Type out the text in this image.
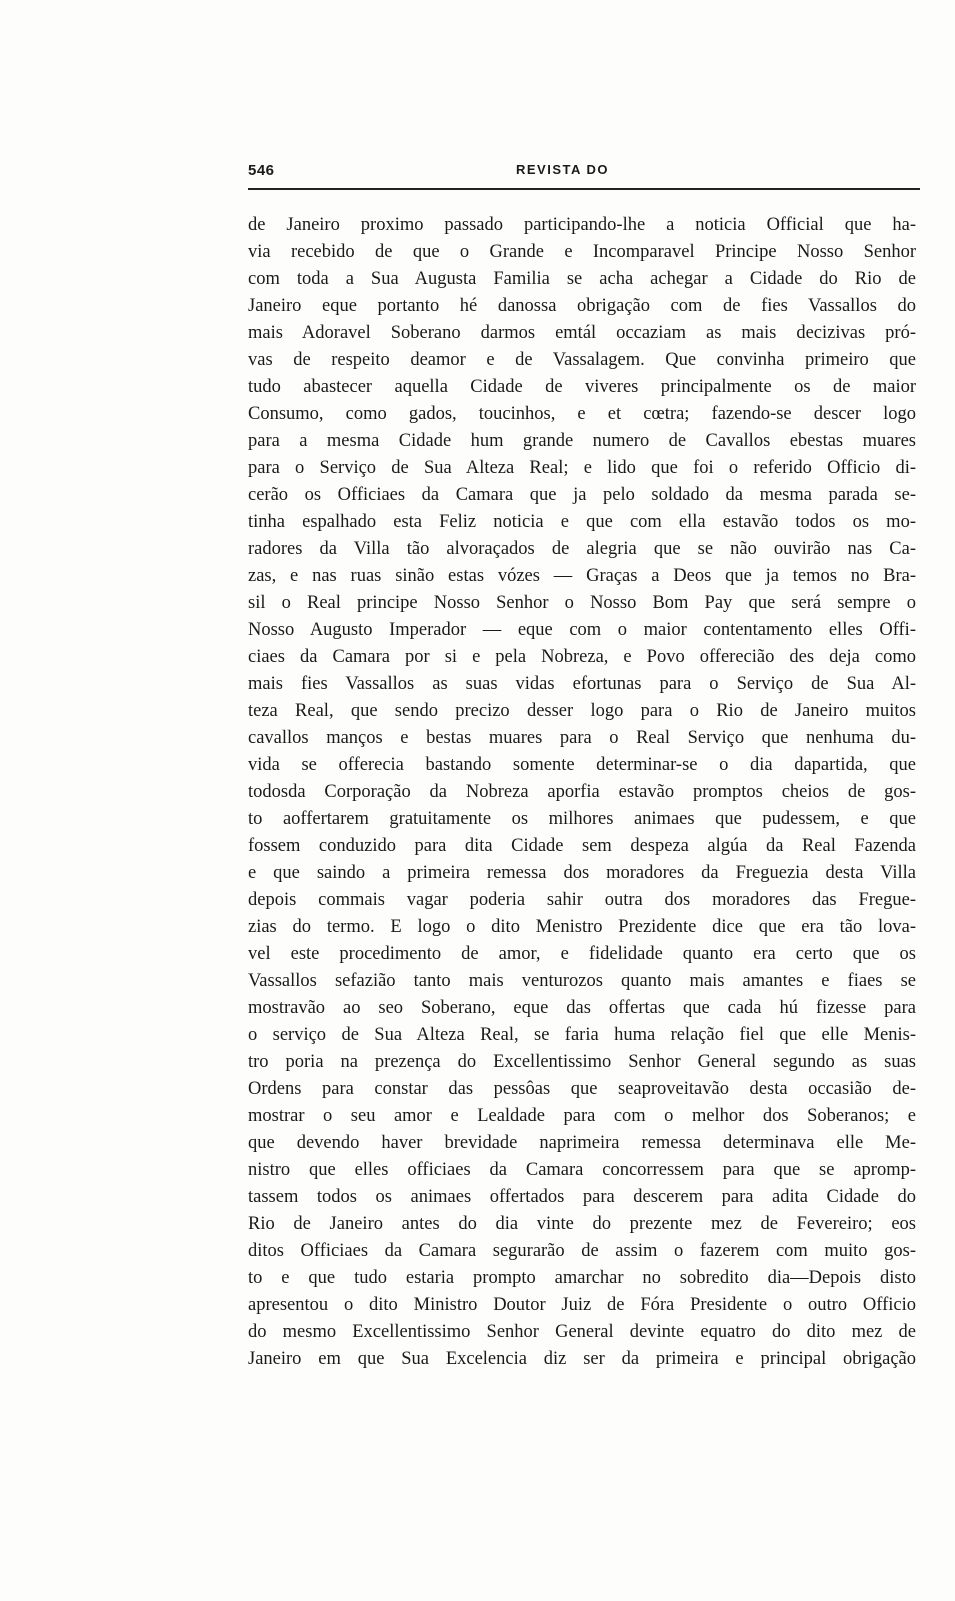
546	REVISTA DO
de Janeiro proximo passado participando-lhe a noticia Official que ha-
via recebido de que o Grande e Incomparavel Principe Nosso Senhor
com toda a Sua Augusta Familia se acha achegar a Cidade do Rio de
Janeiro eque portanto hé danossa obrigação com de fies Vassallos do
mais Adoravel Soberano darmos emtál occaziam as mais decizivas pró-
vas de respeito deamor e de Vassalagem. Que convinha primeiro que
tudo abastecer aquella Cidade de viveres principalmente os de maior
Consumo, como gados, toucinhos, e et cœtra; fazendo-se descer logo
para a mesma Cidade hum grande numero de Cavallos ebestas muares
para o Serviço de Sua Alteza Real; e lido que foi o referido Officio di-
cerão os Officiaes da Camara que ja pelo soldado da mesma parada se-
tinha espalhado esta Feliz noticia e que com ella estavão todos os mo-
radores da Villa tão alvoraçados de alegria que se não ouvirão nas Ca-
zas, e nas ruas sinão estas vózes — Graças a Deos que ja temos no Bra-
sil o Real principe Nosso Senhor o Nosso Bom Pay que será sempre o
Nosso Augusto Imperador — eque com o maior contentamento elles Offi-
ciaes da Camara por si e pela Nobreza, e Povo offerecião des deja como
mais fies Vassallos as suas vidas efortunas para o Serviço de Sua Al-
teza Real, que sendo precizo desser logo para o Rio de Janeiro muitos
cavallos manços e bestas muares para o Real Serviço que nenhuma du-
vida se offerecia bastando somente determinar-se o dia dapartida, que
todosda Corporação da Nobreza aporfia estavão promptos cheios de gos-
to aoffertarem gratuitamente os milhores animaes que pudessem, e que
fossem conduzido para dita Cidade sem despeza algúa da Real Fazenda
e que saindo a primeira remessa dos moradores da Freguezia desta Villa
depois commais vagar poderia sahir outra dos moradores das Fregue-
zias do termo. E logo o dito Menistro Prezidente dice que era tão lova-
vel este procedimento de amor, e fidelidade quanto era certo que os
Vassallos sefazião tanto mais venturozos quanto mais amantes e fiaes se
mostravão ao seo Soberano, eque das offertas que cada hú fizesse para
o serviço de Sua Alteza Real, se faria huma relação fiel que elle Menis-
tro poria na prezença do Excellentissimo Senhor General segundo as suas
Ordens para constar das pessôas que seaproveitavão desta occasião de-
mostrar o seu amor e Lealdade para com o melhor dos Soberanos; e
que devendo haver brevidade naprimeira remessa determinava elle Me-
nistro que elles officiaes da Camara concorressem para que se apromp-
tassem todos os animaes offertados para descerem para adita Cidade do
Rio de Janeiro antes do dia vinte do prezente mez de Fevereiro; eos
ditos Officiaes da Camara segurarão de assim o fazerem com muito gos-
to e que tudo estaria prompto amarchar no sobredito dia—Depois disto
apresentou o dito Ministro Doutor Juiz de Fóra Presidente o outro Officio
do mesmo Excellentissimo Senhor General devinte equatro do dito mez de
Janeiro em que Sua Excelencia diz ser da primeira e principal obrigação
